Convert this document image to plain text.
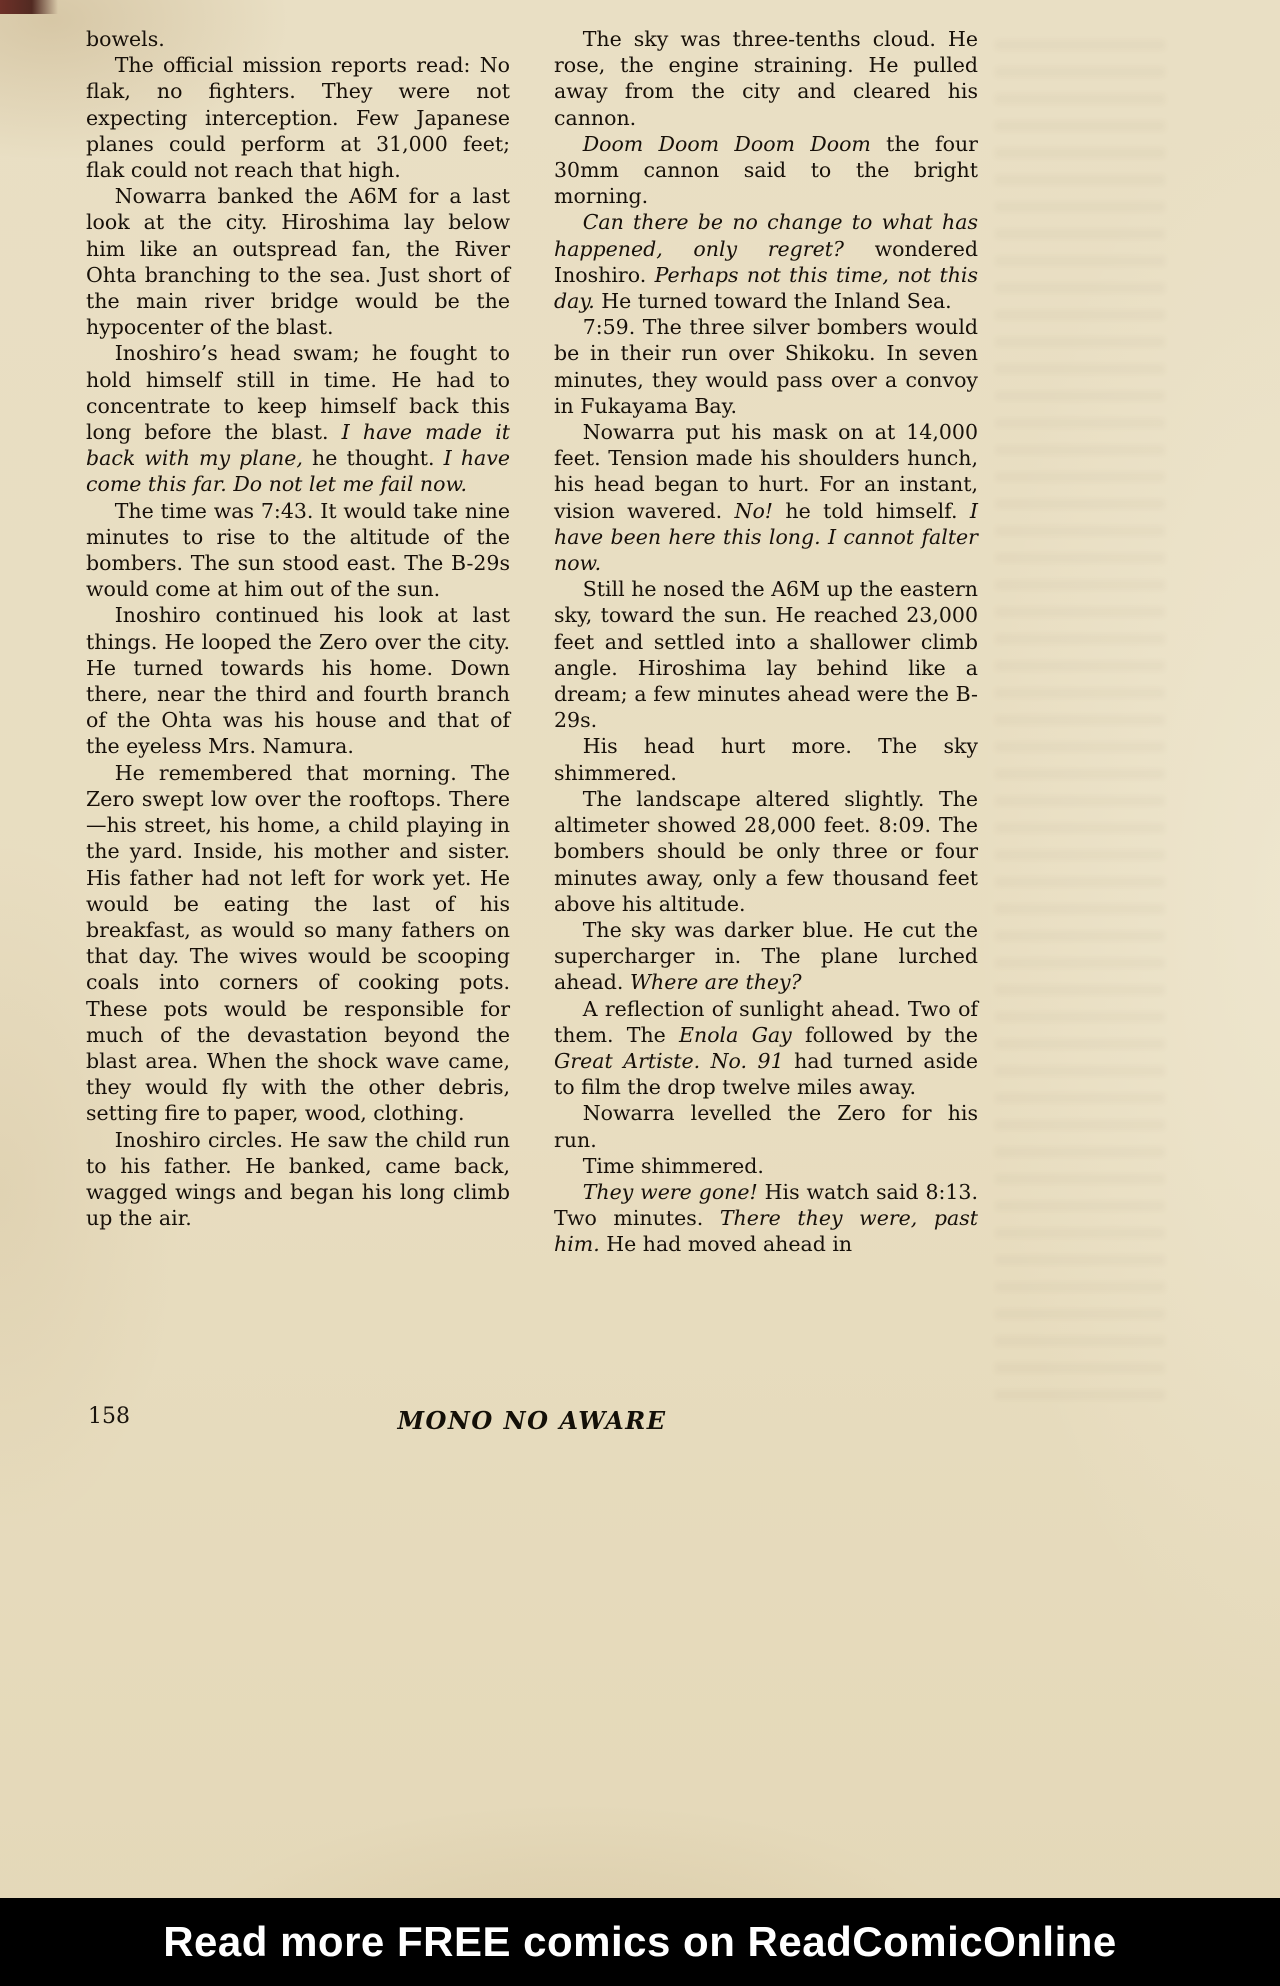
bowels.

The official mission reports read: No flak, no fighters. They were not expecting interception. Few Japanese planes could perform at 31,000 feet; flak could not reach that high.

Nowarra banked the A6M for a last look at the city. Hiroshima lay below him like an outspread fan, the River Ohta branching to the sea. Just short of the main river bridge would be the hypocenter of the blast.

Inoshiro’s head swam; he fought to hold himself still in time. He had to concentrate to keep himself back this long before the blast. I have made it back with my plane, he thought. I have come this far. Do not let me fail now.

The time was 7:43. It would take nine minutes to rise to the altitude of the bombers. The sun stood east. The B-29s would come at him out of the sun.

Inoshiro continued his look at last things. He looped the Zero over the city. He turned towards his home. Down there, near the third and fourth branch of the Ohta was his house and that of the eyeless Mrs. Namura.

He remembered that morning. The Zero swept low over the rooftops. There—his street, his home, a child playing in the yard. Inside, his mother and sister. His father had not left for work yet. He would be eating the last of his breakfast, as would so many fathers on that day. The wives would be scooping coals into corners of cooking pots. These pots would be responsible for much of the devastation beyond the blast area. When the shock wave came, they would fly with the other debris, setting fire to paper, wood, clothing.

Inoshiro circles. He saw the child run to his father. He banked, came back, wagged wings and began his long climb up the air.

The sky was three-tenths cloud. He rose, the engine straining. He pulled away from the city and cleared his cannon.

Doom Doom Doom Doom the four 30mm cannon said to the bright morning.

Can there be no change to what has happened, only regret? wondered Inoshiro. Perhaps not this time, not this day. He turned toward the Inland Sea.

7:59. The three silver bombers would be in their run over Shikoku. In seven minutes, they would pass over a convoy in Fukayama Bay.

Nowarra put his mask on at 14,000 feet. Tension made his shoulders hunch, his head began to hurt. For an instant, vision wavered. No! he told himself. I have been here this long. I cannot falter now.

Still he nosed the A6M up the eastern sky, toward the sun. He reached 23,000 feet and settled into a shallower climb angle. Hiroshima lay behind like a dream; a few minutes ahead were the B-29s.

His head hurt more. The sky shimmered.

The landscape altered slightly. The altimeter showed 28,000 feet. 8:09. The bombers should be only three or four minutes away, only a few thousand feet above his altitude.

The sky was darker blue. He cut the supercharger in. The plane lurched ahead. Where are they?

A reflection of sunlight ahead. Two of them. The Enola Gay followed by the Great Artiste. No. 91 had turned aside to film the drop twelve miles away.

Nowarra levelled the Zero for his run.

Time shimmered.

They were gone! His watch said 8:13. Two minutes. There they were, past him. He had moved ahead in

158	MONO NO AWARE
Read more FREE comics on ReadComicOnline
